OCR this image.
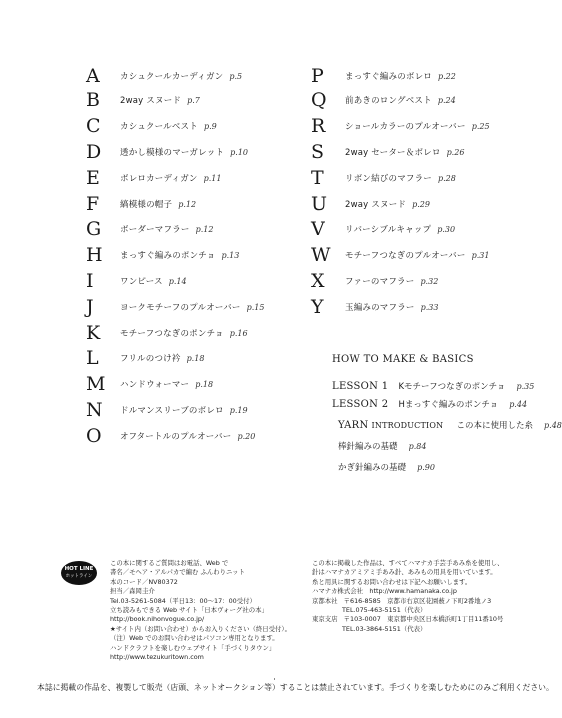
A	カシュクールカーディガン p.5
B	2way スヌード p.7
C	カシュクールベスト p.9
D	透かし模様のマーガレット p.10
E	ボレロカーディガン p.11
F	縞模様の帽子 p.12
G	ボーダーマフラー p.12
H	まっすぐ編みのポンチョ p.13
I	ワンピース p.14
J	ヨークモチーフのプルオーバー p.15
K	モチーフつなぎのポンチョ p.16
L	フリルのつけ衿 p.18
M	ハンドウォーマー p.18
N	ドルマンスリーブのボレロ p.19
O	オフタートルのプルオーバー p.20
P	まっすぐ編みのボレロ p.22
Q	前あきのロングベスト p.24
R	ショールカラーのプルオーバー p.25
S	2way セーター＆ボレロ p.26
T	リボン結びのマフラー p.28
U	2way スヌード p.29
V	リバーシブルキャップ p.30
W	モチーフつなぎのプルオーバー p.31
X	ファーのマフラー p.32
Y	玉編みのマフラー p.33
HOW TO MAKE & BASICS
LESSON 1 Kモチーフつなぎのポンチョ p.35
LESSON 2 Hまっすぐ編みのポンチョ p.44
YARN INTRODUCTION この本に使用した糸 p.48
棒針編みの基礎 p.84
かぎ針編みの基礎 p.90
HOT LINE
ホットライン
この本に関するご質問はお電話、Web で
書名／モヘア・アルパカで編む ふんわりニット
本のコード／NV80372
担当／森岡圭介
Tel.03-5261-5084（平日13：00～17：00受付）
立ち読みもできる Web サイト「日本ヴォーグ社の本」
http://book.nihonvogue.co.jp/
★サイト内（お問い合わせ）からお入りください（終日受付）。
（注）Web でのお問い合わせはパソコン専用となります。
ハンドクラフトを楽しむウェブサイト「手づくりタウン」
http://www.tezukuritown.com
この本に掲載した作品は、すべてハマナカ手芸手あみ糸を使用し、
針はハマナカアミアミ手あみ針、あみもの用具を用いています。
糸と用具に関するお問い合わせは下記へお願いします。
ハマナカ株式会社　http://www.hamanaka.co.jp
京都本社 〒616-8585　京都市右京区花園薮ノ下町2番地ノ3
TEL.075-463-5151（代表）
東京支店 〒103-0007　東京都中央区日本橋浜町1丁目11番10号
TEL.03-3864-5151（代表）
本誌に掲載の作品を、複製して販売（店頭、ネットオークション等）することは禁止されています。手づくりを楽しむためにのみご利用ください。
